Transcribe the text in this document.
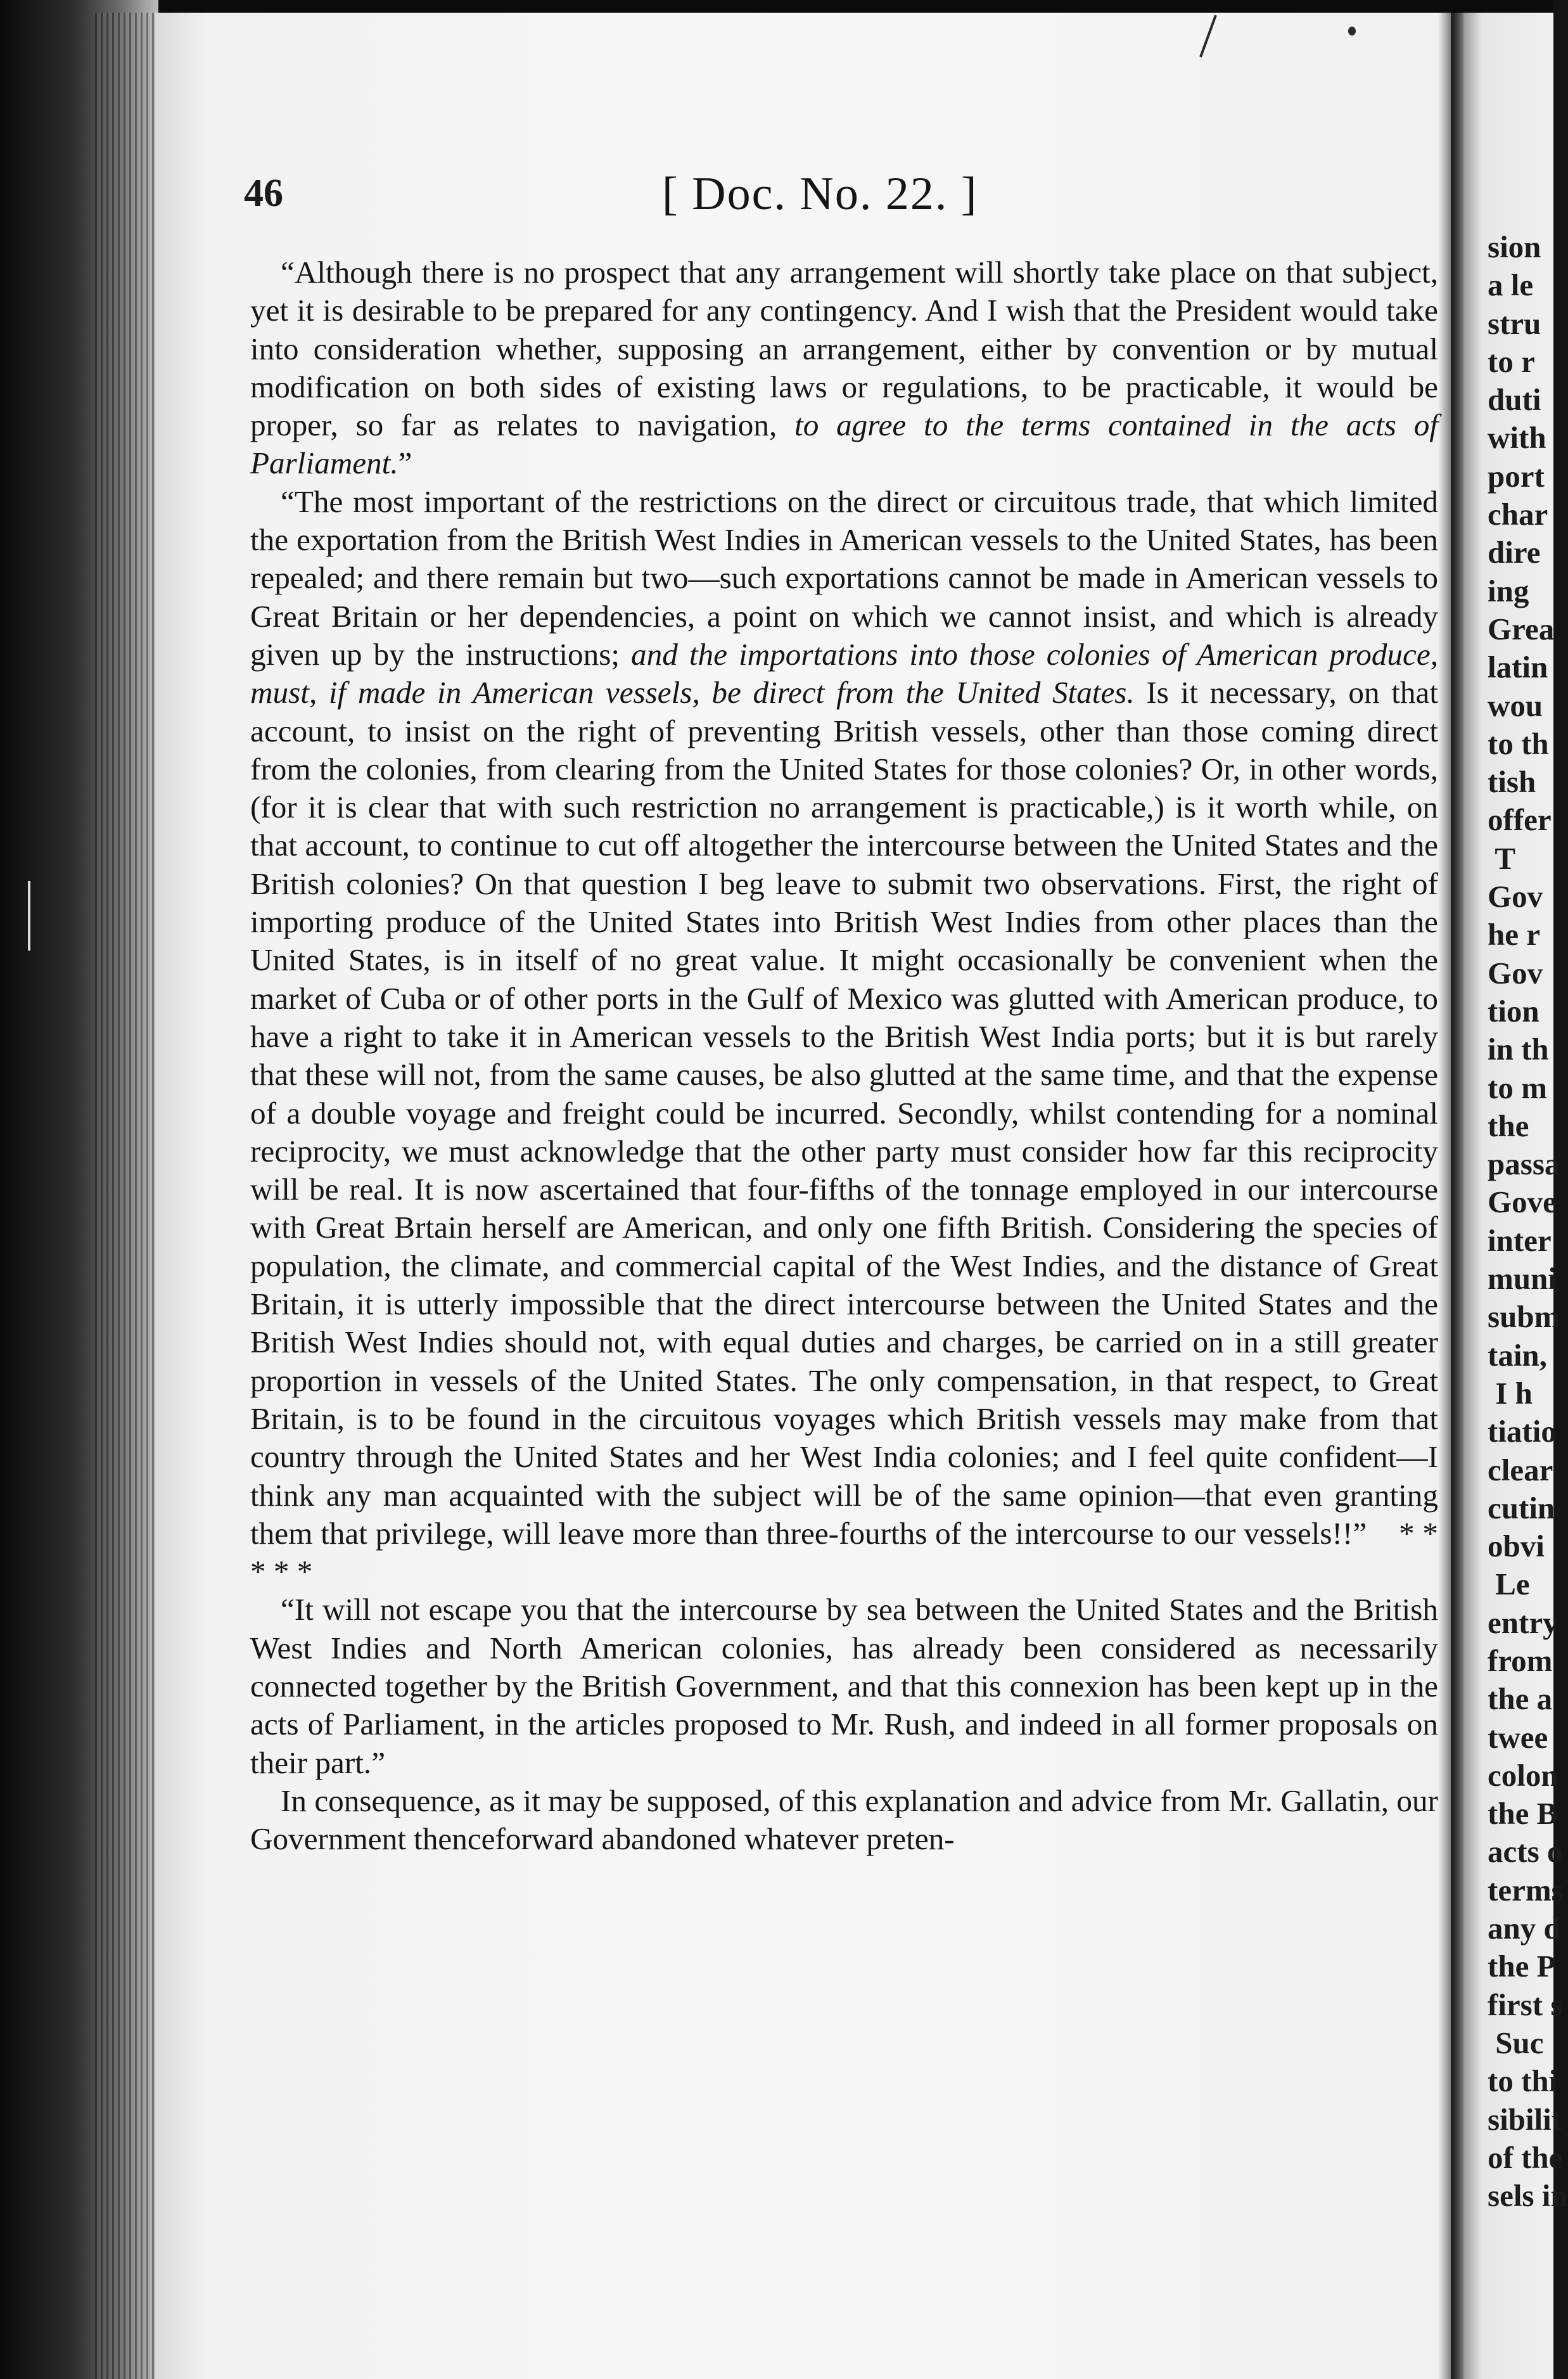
sion
a le
stru
to r
duti
with
port
char
dire
ing
Grea
latin
wou
to th
tish
offer
T
Gov
he r
Gov
tion
in th
to m
the
passa
Gove
inter
muni
subm
tain,
I h
tiatio
clear
cutin
obvi
Le
entry
from
the a
twee
colon
the B
acts o
terms
any d
the P
first s
Suc
to thi
sibilit
of the
sels in
46	[ Doc. No. 22. ]

“Although there is no prospect that any arrangement will shortly take place on that subject, yet it is desirable to be prepared for any contingency. And I wish that the President would take into consideration whether, supposing an arrangement, either by convention or by mutual modification on both sides of existing laws or regulations, to be practicable, it would be proper, so far as relates to navigation, to agree to the terms contained in the acts of Parliament.”

“The most important of the restrictions on the direct or circuitous trade, that which limited the exportation from the British West Indies in American vessels to the United States, has been repealed; and there remain but two—such exportations cannot be made in American vessels to Great Britain or her dependencies, a point on which we cannot insist, and which is already given up by the instructions; and the importations into those colonies of American produce, must, if made in American vessels, be direct from the United States. Is it necessary, on that account, to insist on the right of preventing British vessels, other than those coming direct from the colonies, from clearing from the United States for those colonies? Or, in other words, (for it is clear that with such restriction no arrangement is practicable,) is it worth while, on that account, to continue to cut off altogether the intercourse between the United States and the British colonies? On that question I beg leave to submit two observations. First, the right of importing produce of the United States into British West Indies from other places than the United States, is in itself of no great value. It might occasionally be convenient when the market of Cuba or of other ports in the Gulf of Mexico was glutted with American produce, to have a right to take it in American vessels to the British West India ports; but it is but rarely that these will not, from the same causes, be also glutted at the same time, and that the expense of a double voyage and freight could be incurred. Secondly, whilst contending for a nominal reciprocity, we must acknowledge that the other party must consider how far this reciprocity will be real. It is now ascertained that four-fifths of the tonnage employed in our intercourse with Great Brtain herself are American, and only one fifth British. Considering the species of population, the climate, and commercial capital of the West Indies, and the distance of Great Britain, it is utterly impossible that the direct intercourse between the United States and the British West Indies should not, with equal duties and charges, be carried on in a still greater proportion in vessels of the United States. The only compensation, in that respect, to Great Britain, is to be found in the circuitous voyages which British vessels may make from that country through the United States and her West India colonies; and I feel quite confident—I think any man acquainted with the subject will be of the same opinion—that even granting them that privilege, will leave more than three-fourths of the intercourse to our vessels!!” * * * * *

“It will not escape you that the intercourse by sea between the United States and the British West Indies and North American colonies, has already been considered as necessarily connected together by the British Government, and that this connexion has been kept up in the acts of Parliament, in the articles proposed to Mr. Rush, and indeed in all former proposals on their part.”

In consequence, as it may be supposed, of this explanation and advice from Mr. Gallatin, our Government thenceforward abandoned whatever preten-
